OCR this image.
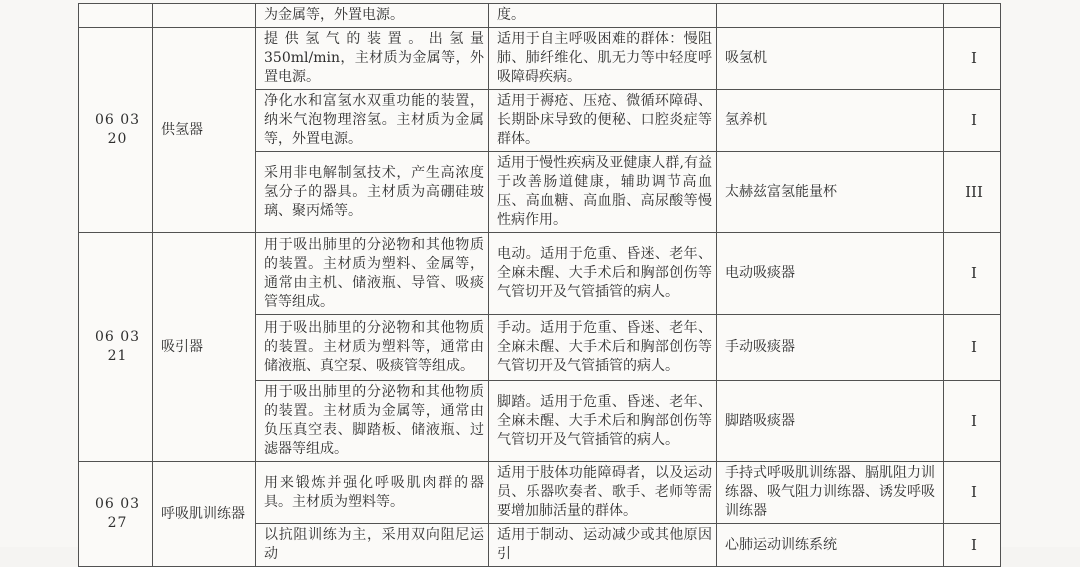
		为金属等，外置电源。	度。		
06 03 20	供氢器	提供氢气的装置。出氢量 350ml/min，主材质为金属等，外置电源。	适用于自主呼吸困难的群体：慢阻肺、肺纤维化、肌无力等中轻度呼吸障碍疾病。	吸氢机	I
		净化水和富氢水双重功能的装置，纳米气泡物理溶氢。主材质为金属等，外置电源。	适用于褥疮、压疮、微循环障碍、长期卧床导致的便秘、口腔炎症等群体。	氢养机	I
		采用非电解制氢技术，产生高浓度氢分子的器具。主材质为高硼硅玻璃、聚丙烯等。	适用于慢性疾病及亚健康人群,有益于改善肠道健康，辅助调节高血压、高血糖、高血脂、高尿酸等慢性病作用。	太赫兹富氢能量杯	III
06 03 21	吸引器	用于吸出肺里的分泌物和其他物质的装置。主材质为塑料、金属等，通常由主机、储液瓶、导管、吸痰管等组成。	电动。适用于危重、昏迷、老年、全麻未醒、大手术后和胸部创伤等气管切开及气管插管的病人。	电动吸痰器	I
		用于吸出肺里的分泌物和其他物质的装置。主材质为塑料等，通常由储液瓶、真空泵、吸痰管等组成。	手动。适用于危重、昏迷、老年、全麻未醒、大手术后和胸部创伤等气管切开及气管插管的病人。	手动吸痰器	I
		用于吸出肺里的分泌物和其他物质的装置。主材质为金属等，通常由负压真空表、脚踏板、储液瓶、过滤器等组成。	脚踏。适用于危重、昏迷、老年、全麻未醒、大手术后和胸部创伤等气管切开及气管插管的病人。	脚踏吸痰器	I
06 03 27	呼吸肌训练器	用来锻炼并强化呼吸肌肉群的器具。主材质为塑料等。	适用于肢体功能障碍者，以及运动员、乐器吹奏者、歌手、老师等需要增加肺活量的群体。	手持式呼吸肌训练器、膈肌阻力训练器、吸气阻力训练器、诱发呼吸训练器	I
		以抗阻训练为主，采用双向阻尼运动	适用于制动、运动减少或其他原因引	心肺运动训练系统	I
